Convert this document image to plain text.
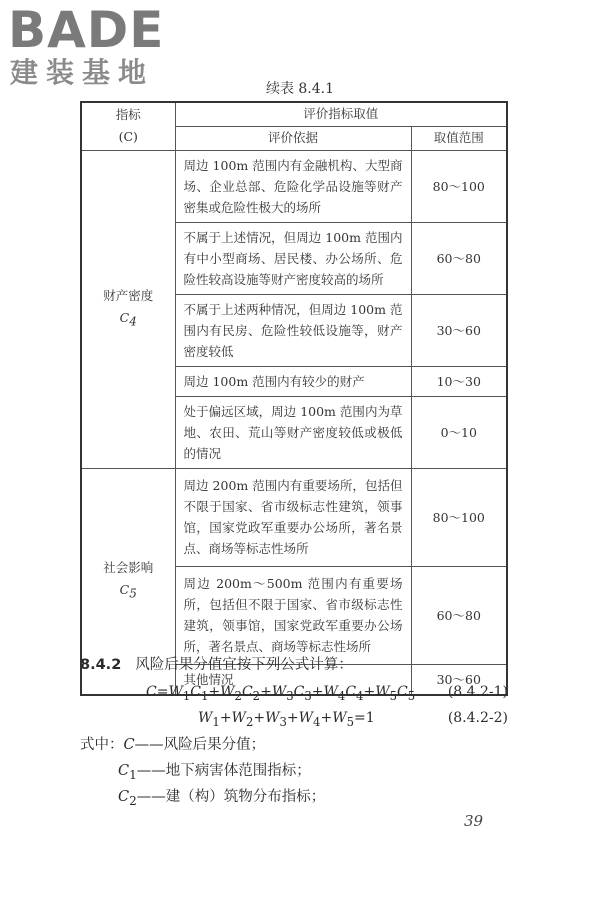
BADE
建装基地	续表 8.4.1
指标
(C)	评价指标取值	
	评价依据	取值范围
财产密度
$C_4$	周边 100m 范围内有金融机构、大型商场、企业总部、危险化学品设施等财产密集或危险性极大的场所	80～100
	不属于上述情况，但周边 100m 范围内有中小型商场、居民楼、办公场所、危险性较高设施等财产密度较高的场所	60～80
	不属于上述两种情况，但周边 100m 范围内有民房、危险性较低设施等，财产密度较低	30～60
	周边 100m 范围内有较少的财产	10～30
	处于偏远区域，周边 100m 范围内为草地、农田、荒山等财产密度较低或极低的情况	0～10
社会影响
$C_5$	周边 200m 范围内有重要场所，包括但不限于国家、省市级标志性建筑，领事馆，国家党政军重要办公场所，著名景点、商场等标志性场所	80～100
	周边 200m～500m 范围内有重要场所，包括但不限于国家、省市级标志性建筑，领事馆，国家党政军重要办公场所，著名景点、商场等标志性场所	60～80
	其他情况	30～60
8.4.2 风险后果分值宜按下列公式计算：
$C=W_1C_1+W_2C_2+W_3C_3+W_4C_4+W_5C_5$ (8.4.2-1)
$W_1+W_2+W_3+W_4+W_5=1$	(8.4.2-2)
式中：C——风险后果分值；
$C_1——$地下病害体范围指标；
$C_2——$建（构）筑物分布指标；
39
